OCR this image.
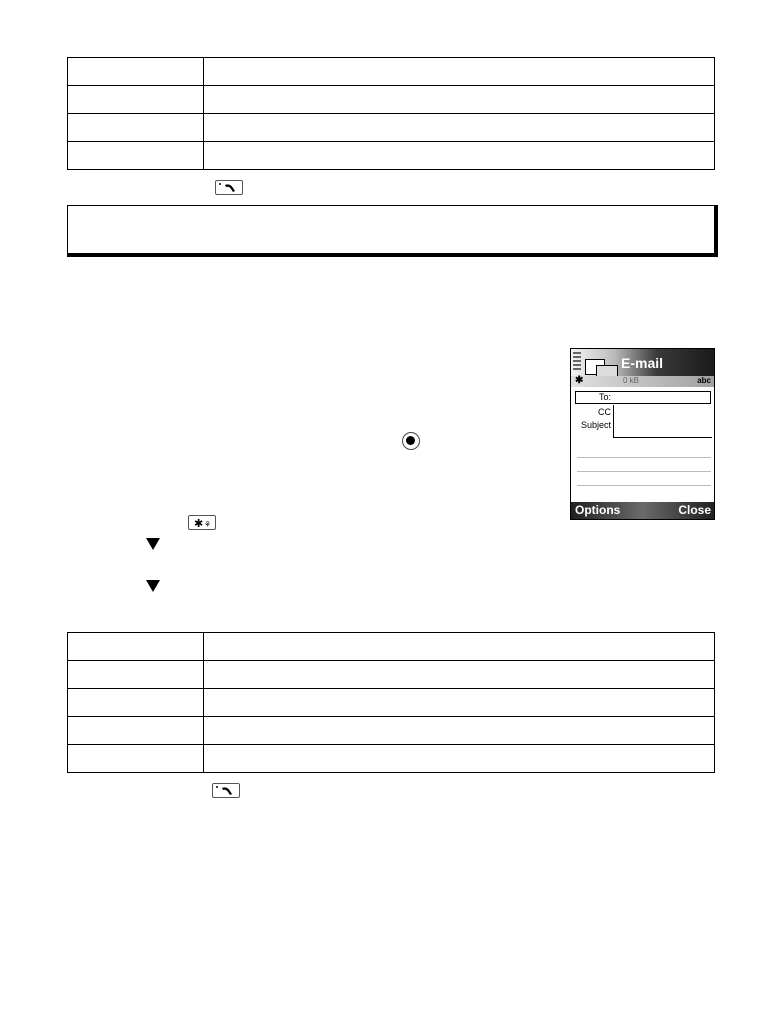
E-mail
✱	0 kB	abc
To:
CC
Subject
Options	Close
✱ ⚘
